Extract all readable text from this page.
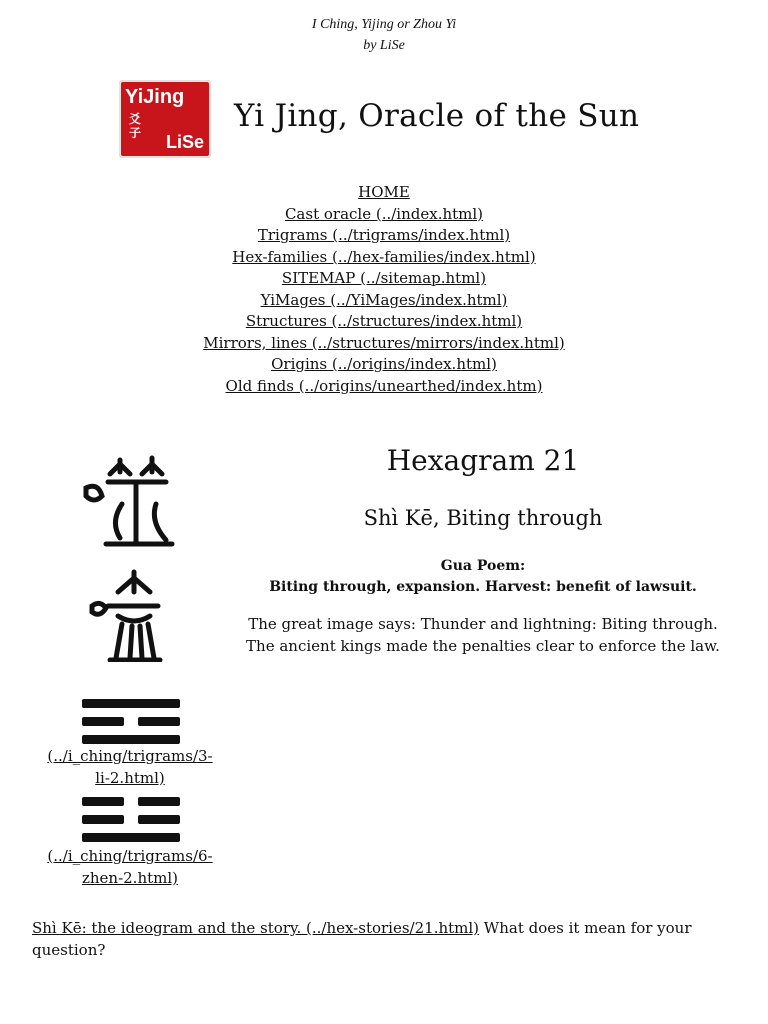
I Ching, Yijing or Zhou Yi
by LiSe
YiJing
爻
子 LiSe
Yi Jing, Oracle of the Sun
HOME
Cast oracle (../index.html)
Trigrams (../trigrams/index.html)
Hex-families (../hex-families/index.html)
SITEMAP (../sitemap.html)
YiMages (../YiMages/index.html)
Structures (../structures/index.html)
Mirrors, lines (../structures/mirrors/index.html)
Origins (../origins/index.html)
Old finds (../origins/unearthed/index.htm)
(../i_ching/trigrams/3-
li-2.html)
(../i_ching/trigrams/6-
zhen-2.html)
Hexagram 21
Shì Kē, Biting through
Gua Poem:
Biting through, expansion. Harvest: benefit of lawsuit.
The great image says: Thunder and lightning: Biting through.
The ancient kings made the penalties clear to enforce the law.
Shì Kē: the ideogram and the story. (../hex-stories/21.html) What does it mean for your question?
